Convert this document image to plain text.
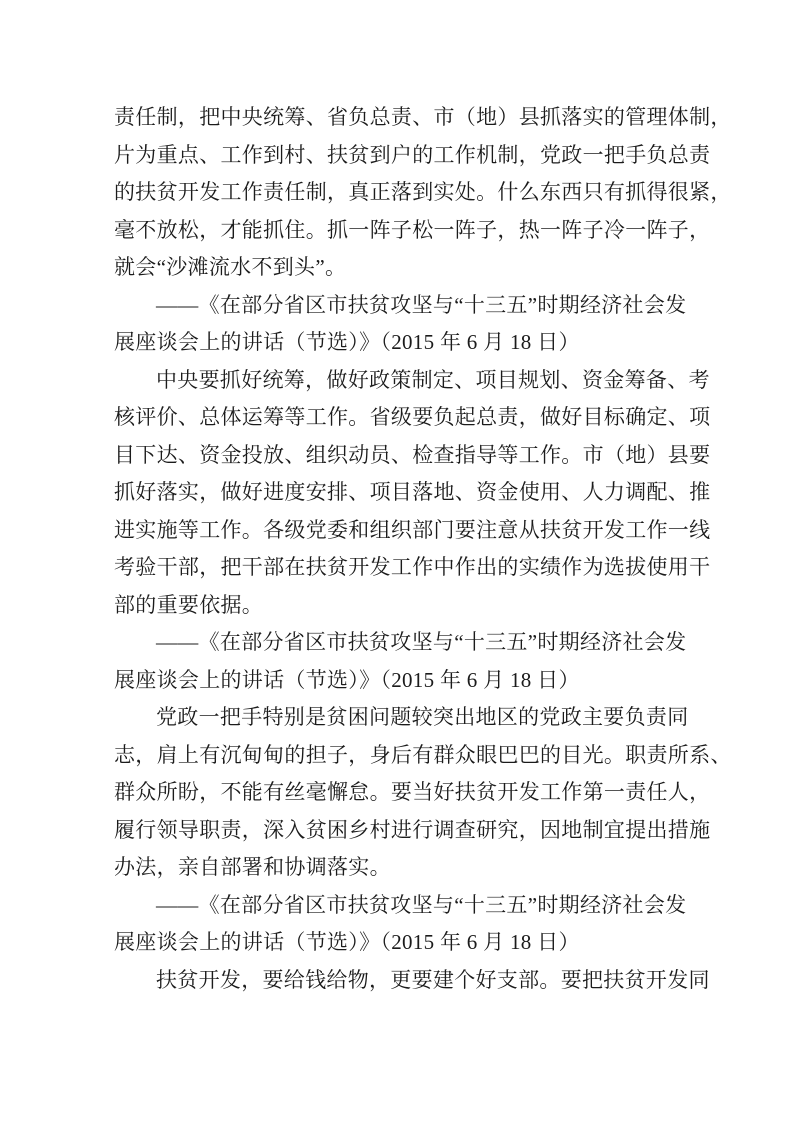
责任制，把中央统筹、省负总责、市（地）县抓落实的管理体制，
片为重点、工作到村、扶贫到户的工作机制，党政一把手负总责
的扶贫开发工作责任制，真正落到实处。什么东西只有抓得很紧，
毫不放松，才能抓住。抓一阵子松一阵子，热一阵子冷一阵子，
就会“沙滩流水不到头”。
——《在部分省区市扶贫攻坚与“十三五”时期经济社会发
展座谈会上的讲话（节选）》（2015 年 6 月 18 日）
中央要抓好统筹，做好政策制定、项目规划、资金筹备、考
核评价、总体运筹等工作。省级要负起总责，做好目标确定、项
目下达、资金投放、组织动员、检查指导等工作。市（地）县要
抓好落实，做好进度安排、项目落地、资金使用、人力调配、推
进实施等工作。各级党委和组织部门要注意从扶贫开发工作一线
考验干部，把干部在扶贫开发工作中作出的实绩作为选拔使用干
部的重要依据。
——《在部分省区市扶贫攻坚与“十三五”时期经济社会发
展座谈会上的讲话（节选）》（2015 年 6 月 18 日）
党政一把手特别是贫困问题较突出地区的党政主要负责同
志，肩上有沉甸甸的担子，身后有群众眼巴巴的目光。职责所系、
群众所盼，不能有丝毫懈怠。要当好扶贫开发工作第一责任人，
履行领导职责，深入贫困乡村进行调查研究，因地制宜提出措施
办法，亲自部署和协调落实。
——《在部分省区市扶贫攻坚与“十三五”时期经济社会发
展座谈会上的讲话（节选）》（2015 年 6 月 18 日）
扶贫开发，要给钱给物，更要建个好支部。要把扶贫开发同
